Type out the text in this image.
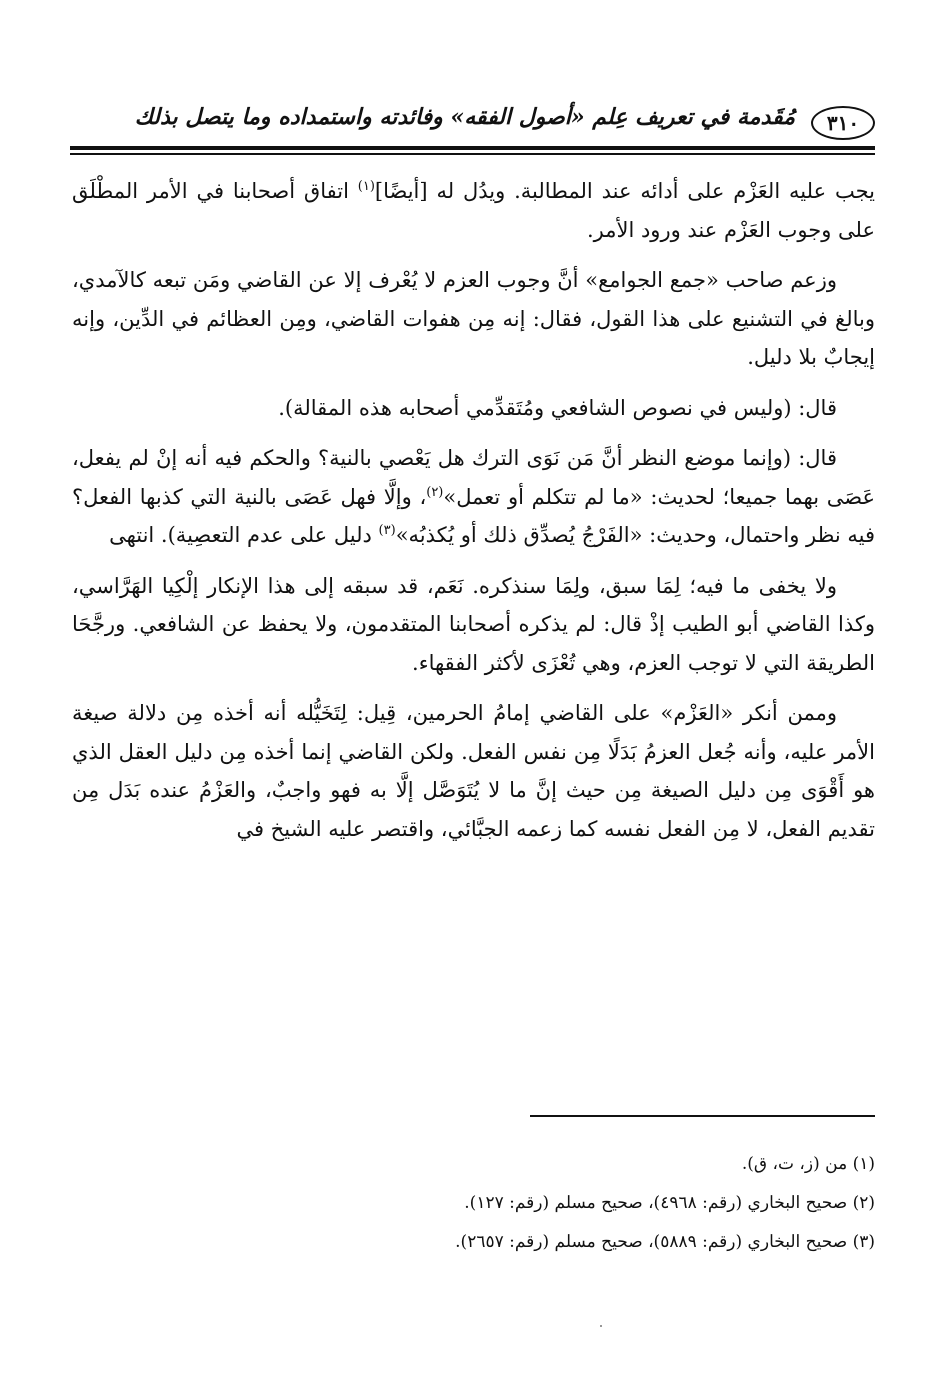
٣١٠
مُقَدمة في تعريف عِلم «أصول الفقه» وفائدته واستمداده وما يتصل بذلك

يجب عليه العَزْم على أدائه عند المطالبة. ويدُل له [أيضًا]$^{(١)}$ اتفاق أصحابنا في الأمر المطْلَق على وجوب العَزْم عند ورود الأمر.

وزعم صاحب «جمع الجوامع» أنَّ وجوب العزم لا يُعْرف إلا عن القاضي ومَن تبعه كالآمدي، وبالغ في التشنيع على هذا القول، فقال: إنه مِن هفوات القاضي، ومِن العظائم في الدِّين، وإنه إيجابٌ بلا دليل.

قال: (وليس في نصوص الشافعي ومُتَقدِّمي أصحابه هذه المقالة).

قال: (وإنما موضع النظر أنَّ مَن نَوَى الترك هل يَعْصي بالنية؟ والحكم فيه أنه إنْ لم يفعل، عَصَى بهما جميعا؛ لحديث: «ما لم تتكلم أو تعمل»$^{(٢)}$، وإلَّا فهل عَصَى بالنية التي كذبها الفعل؟ فيه نظر واحتمال، وحديث: «الفَرْجُ يُصدِّق ذلك أو يُكذبُه»$^{(٣)}$ دليل على عدم التعصِية). انتهى

ولا يخفى ما فيه؛ لِمَا سبق، ولِمَا سنذكره. نَعَم، قد سبقه إلى هذا الإنكار إلْكِيا الهَرَّاسي، وكذا القاضي أبو الطيب إذْ قال: لم يذكره أصحابنا المتقدمون، ولا يحفظ عن الشافعي. ورجَّحَا الطريقة التي لا توجب العزم، وهي تُعْزَى لأكثر الفقهاء.

وممن أنكر «العَزْم» على القاضي إمامُ الحرمين، قِيل: لِتَخَيُّله أنه أخذه مِن دلالة صيغة الأمر عليه، وأنه جُعل العزمُ بَدَلًا مِن نفس الفعل. ولكن القاضي إنما أخذه مِن دليل العقل الذي هو أَقْوَى مِن دليل الصيغة مِن حيث إنَّ ما لا يُتَوَصَّل إلَّا به فهو واجبٌ، والعَزْمُ عنده بَدَل مِن تقديم الفعل، لا مِن الفعل نفسه كما زعمه الجبَّائي، واقتصر عليه الشيخ في

(١) من (ز، ت، ق).
(٢) صحيح البخاري (رقم: ٤٩٦٨)، صحيح مسلم (رقم: ١٢٧).
(٣) صحيح البخاري (رقم: ٥٨٨٩)، صحيح مسلم (رقم: ٢٦٥٧).
